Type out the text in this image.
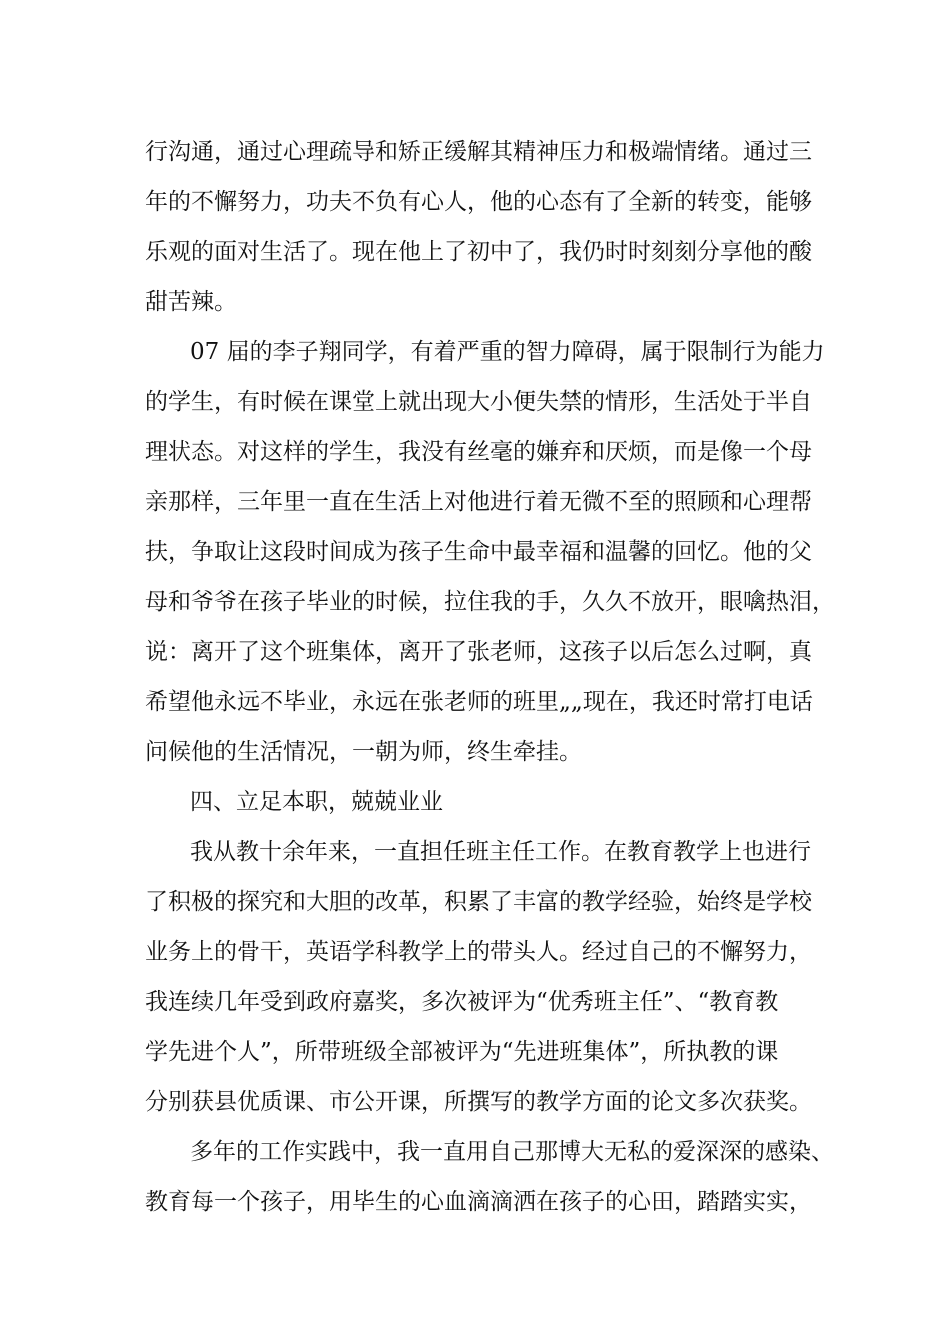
行沟通，通过心理疏导和矫正缓解其精神压力和极端情绪。通过三
年的不懈努力，功夫不负有心人，他的心态有了全新的转变，能够
乐观的面对生活了。现在他上了初中了，我仍时时刻刻分享他的酸
甜苦辣。
07 届的李子翔同学，有着严重的智力障碍，属于限制行为能力
的学生，有时候在课堂上就出现大小便失禁的情形，生活处于半自
理状态。对这样的学生，我没有丝毫的嫌弃和厌烦，而是像一个母
亲那样，三年里一直在生活上对他进行着无微不至的照顾和心理帮
扶，争取让这段时间成为孩子生命中最幸福和温馨的回忆。他的父
母和爷爷在孩子毕业的时候，拉住我的手，久久不放开，眼噙热泪，
说：离开了这个班集体，离开了张老师，这孩子以后怎么过啊，真
希望他永远不毕业，永远在张老师的班里„„现在，我还时常打电话
问候他的生活情况，一朝为师，终生牵挂。
四、立足本职，兢兢业业
我从教十余年来，一直担任班主任工作。在教育教学上也进行
了积极的探究和大胆的改革，积累了丰富的教学经验，始终是学校
业务上的骨干，英语学科教学上的带头人。经过自己的不懈努力，
我连续几年受到政府嘉奖，多次被评为“优秀班主任”、“教育教
学先进个人”，所带班级全部被评为“先进班集体”，所执教的课
分别获县优质课、市公开课，所撰写的教学方面的论文多次获奖。
多年的工作实践中，我一直用自己那博大无私的爱深深的感染、
教育每一个孩子，用毕生的心血滴滴洒在孩子的心田，踏踏实实，
